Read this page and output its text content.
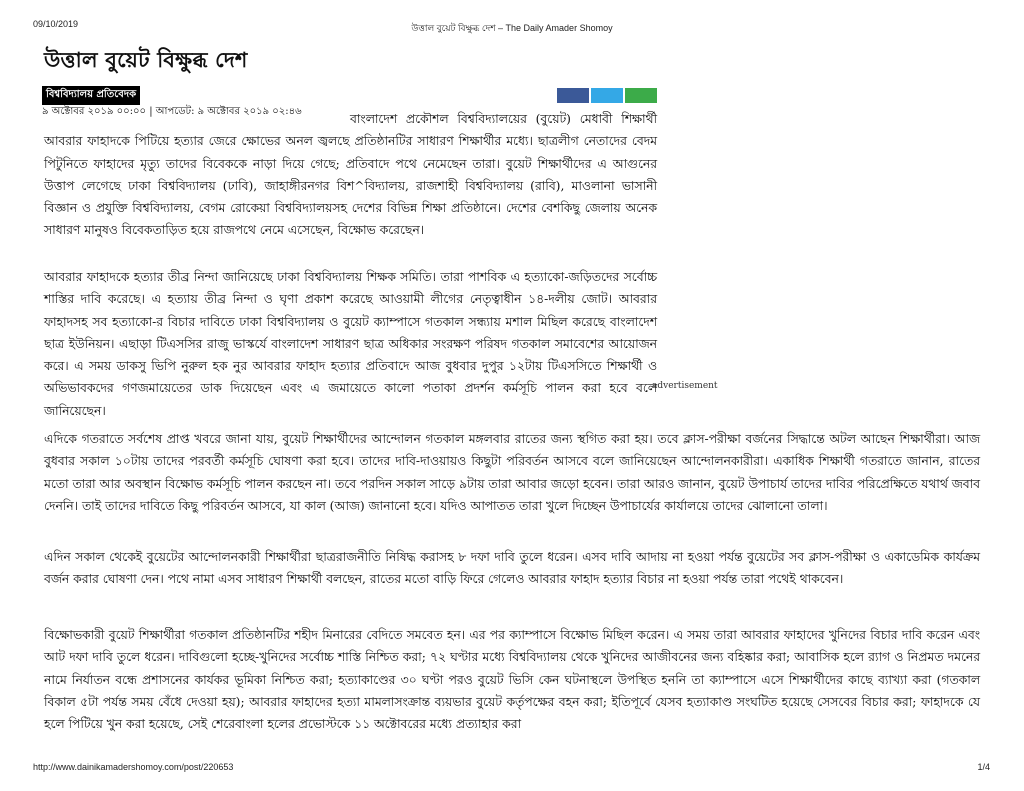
09/10/2019	উত্তাল বুয়েট বিক্ষুব্ধ দেশ – The Daily Amader Shomoy
উত্তাল বুয়েট বিক্ষুব্ধ দেশ
বিশ্ববিদ্যালয় প্রতিবেদক
৯ অক্টোবর ২০১৯ ০০:০০ | আপডেট: ৯ অক্টোবর ২০১৯ ০২:৪৬

বাংলাদেশ প্রকৌশল বিশ্ববিদ্যালয়ের (বুয়েট) মেধাবী শিক্ষার্থী আবরার ফাহাদকে পিটিয়ে হত্যার জেরে ক্ষোভের অনল জ্বলছে প্রতিষ্ঠানটির সাধারণ শিক্ষার্থীর মধ্যে। ছাত্রলীগ নেতাদের বেদম পিটুনিতে ফাহাদের মৃত্যু তাদের বিবেককে নাড়া দিয়ে গেছে; প্রতিবাদে পথে নেমেছেন তারা। বুয়েট শিক্ষার্থীদের এ আগুনের উত্তাপ লেগেছে ঢাকা বিশ্ববিদ্যালয় (ঢাবি), জাহাঙ্গীরনগর বিশ^বিদ্যালয়, রাজশাহী বিশ্ববিদ্যালয় (রাবি), মাওলানা ভাসানী বিজ্ঞান ও প্রযুক্তি বিশ্ববিদ্যালয়, বেগম রোকেয়া বিশ্ববিদ্যালয়সহ দেশের বিভিন্ন শিক্ষা প্রতিষ্ঠানে। দেশের বেশকিছু জেলায় অনেক সাধারণ মানুষও বিবেকতাড়িত হয়ে রাজপথে নেমে এসেছেন, বিক্ষোভ করেছেন।

আবরার ফাহাদকে হত্যার তীব্র নিন্দা জানিয়েছে ঢাকা বিশ্ববিদ্যালয় শিক্ষক সমিতি। তারা পাশবিক এ হত্যাকাে-জড়িতদের সর্বোচ্চ শাস্তির দাবি করেছে। এ হত্যায় তীব্র নিন্দা ও ঘৃণা প্রকাশ করেছে আওয়ামী লীগের নেতৃত্বাধীন ১৪-দলীয় জোট। আবরার ফাহাদসহ সব হত্যাকাে-র বিচার দাবিতে ঢাকা বিশ্ববিদ্যালয় ও বুয়েট ক্যাম্পাসে গতকাল সন্ধ্যায় মশাল মিছিল করেছে বাংলাদেশ ছাত্র ইউনিয়ন। এছাড়া টিএসসির রাজু ভাস্কর্যে বাংলাদেশ সাধারণ ছাত্র অধিকার সংরক্ষণ পরিষদ গতকাল সমাবেশের আয়োজন করে। এ সময় ডাকসু ভিপি নুরুল হক নুর আবরার ফাহাদ হত্যার প্রতিবাদে আজ বুধবার দুপুর ১২টায় টিএসসিতে শিক্ষার্থী ও অভিভাবকদের গণজমায়েতের ডাক দিয়েছেন এবং এ জমায়েতে কালো পতাকা প্রদর্শন কর্মসূচি পালন করা হবে বলে জানিয়েছেন।

advertisement

এদিকে গতরাতে সর্বশেষ প্রাপ্ত খবরে জানা যায়, বুয়েট শিক্ষার্থীদের আন্দোলন গতকাল মঙ্গলবার রাতের জন্য স্থগিত করা হয়। তবে ক্লাস-পরীক্ষা বর্জনের সিদ্ধান্তে অটল আছেন শিক্ষার্থীরা। আজ বুধবার সকাল ১০টায় তাদের পরবর্তী কর্মসূচি ঘোষণা করা হবে। তাদের দাবি-দাওয়ায়ও কিছুটা পরিবর্তন আসবে বলে জানিয়েছেন আন্দোলনকারীরা। একাধিক শিক্ষার্থী গতরাতে জানান, রাতের মতো তারা আর অবস্থান বিক্ষোভ কর্মসূচি পালন করছেন না। তবে পরদিন সকাল সাড়ে ৯টায় তারা আবার জড়ো হবেন। তারা আরও জানান, বুয়েট উপাচার্য তাদের দাবির পরিপ্রেক্ষিতে যথার্থ জবাব দেননি। তাই তাদের দাবিতে কিছু পরিবর্তন আসবে, যা কাল (আজ) জানানো হবে। যদিও আপাতত তারা খুলে দিচ্ছেন উপাচার্যের কার্যালয়ে তাদের ঝোলানো তালা।

এদিন সকাল থেকেই বুয়েটের আন্দোলনকারী শিক্ষার্থীরা ছাত্ররাজনীতি নিষিদ্ধ করাসহ ৮ দফা দাবি তুলে ধরেন। এসব দাবি আদায় না হওয়া পর্যন্ত বুয়েটের সব ক্লাস-পরীক্ষা ও একাডেমিক কার্যক্রম বর্জন করার ঘোষণা দেন। পথে নামা এসব সাধারণ শিক্ষার্থী বলছেন, রাতের মতো বাড়ি ফিরে গেলেও আবরার ফাহাদ হত্যার বিচার না হওয়া পর্যন্ত তারা পথেই থাকবেন।

বিক্ষোভকারী বুয়েট শিক্ষার্থীরা গতকাল প্রতিষ্ঠানটির শহীদ মিনারের বেদিতে সমবেত হন। এর পর ক্যাম্পাসে বিক্ষোভ মিছিল করেন। এ সময় তারা আবরার ফাহাদের খুনিদের বিচার দাবি করেন এবং আট দফা দাবি তুলে ধরেন। দাবিগুলো হচ্ছে-খুনিদের সর্বোচ্চ শাস্তি নিশ্চিত করা; ৭২ ঘণ্টার মধ্যে বিশ্ববিদ্যালয় থেকে খুনিদের আজীবনের জন্য বহিষ্কার করা; আবাসিক হলে র‌্যাগ ও নিপ্রমত দমনের নামে নির্যাতন বন্ধে প্রশাসনের কার্যকর ভূমিকা নিশ্চিত করা; হত্যাকাণ্ডের ৩০ ঘণ্টা পরও বুয়েট ভিসি কেন ঘটনাস্থলে উপস্থিত হননি তা ক্যাম্পাসে এসে শিক্ষার্থীদের কাছে ব্যাখ্যা করা (গতকাল বিকাল ৫টা পর্যন্ত সময় বেঁধে দেওয়া হয়); আবরার ফাহাদের হত্যা মামলাসংক্রান্ত ব্যয়ভার বুয়েট কর্তৃপক্ষের বহন করা; ইতিপূর্বে যেসব হত্যাকাণ্ড সংঘটিত হয়েছে সেসবের বিচার করা; ফাহাদকে যে হলে পিটিয়ে খুন করা হয়েছে, সেই শেরেবাংলা হলের প্রভোস্টকে ১১ অক্টোবরের মধ্যে প্রত্যাহার করা

http://www.dainikamadershomoy.com/post/220653	1/4
